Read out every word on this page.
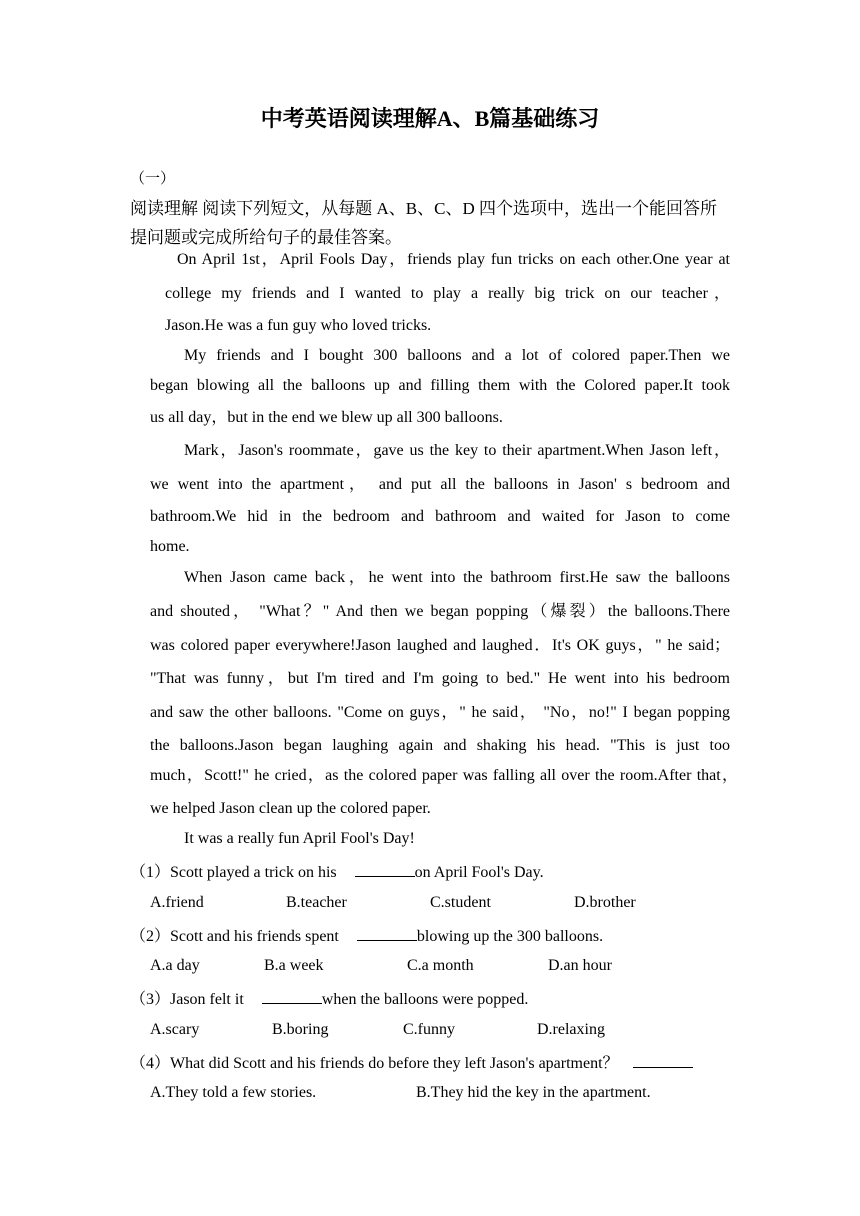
中考英语阅读理解A、B篇基础练习
（一）
阅读理解 阅读下列短文，从每题 A、B、C、D 四个选项中，选出一个能回答所
提问题或完成所给句子的最佳答案。
On April 1st，April Fools Day，friends play fun tricks on each other.One year at
college my friends and I wanted to play a really big trick on our teacher，
Jason.He was a fun guy who loved tricks.
My friends and I bought 300 balloons and a lot of colored paper.Then we
began blowing all the balloons up and filling them with the Colored paper.It took
us all day，but in the end we blew up all 300 balloons.
Mark，Jason's roommate，gave us the key to their apartment.When Jason left，
we went into the apartment， and put all the balloons in Jason' s bedroom and
bathroom.We hid in the bedroom and bathroom and waited for Jason to come
home.
When Jason came back，he went into the bathroom first.He saw the balloons
and shouted， "What？" And then we began popping（爆裂）the balloons.There
was colored paper everywhere!Jason laughed and laughed．It's OK guys，" he said；
"That was funny，but I'm tired and I'm going to bed." He went into his bedroom
and saw the other balloons. "Come on guys，" he said， "No，no!" I began popping
the balloons.Jason began laughing again and shaking his head. "This is just too
much，Scott!" he cried，as the colored paper was falling all over the room.After that，
we helped Jason clean up the colored paper.
It was a really fun April Fool's Day!
（1）Scott played a trick on his	on April Fool's Day.
A.friend	B.teacher	C.student	D.brother
（2）Scott and his friends spent	blowing up the 300 balloons.
A.a day	B.a week	C.a month	D.an hour
（3）Jason felt it	when the balloons were popped.
A.scary	B.boring	C.funny	D.relaxing
（4）What did Scott and his friends do before they left Jason's apartment？
A.They told a few stories.	B.They hid the key in the apartment.
